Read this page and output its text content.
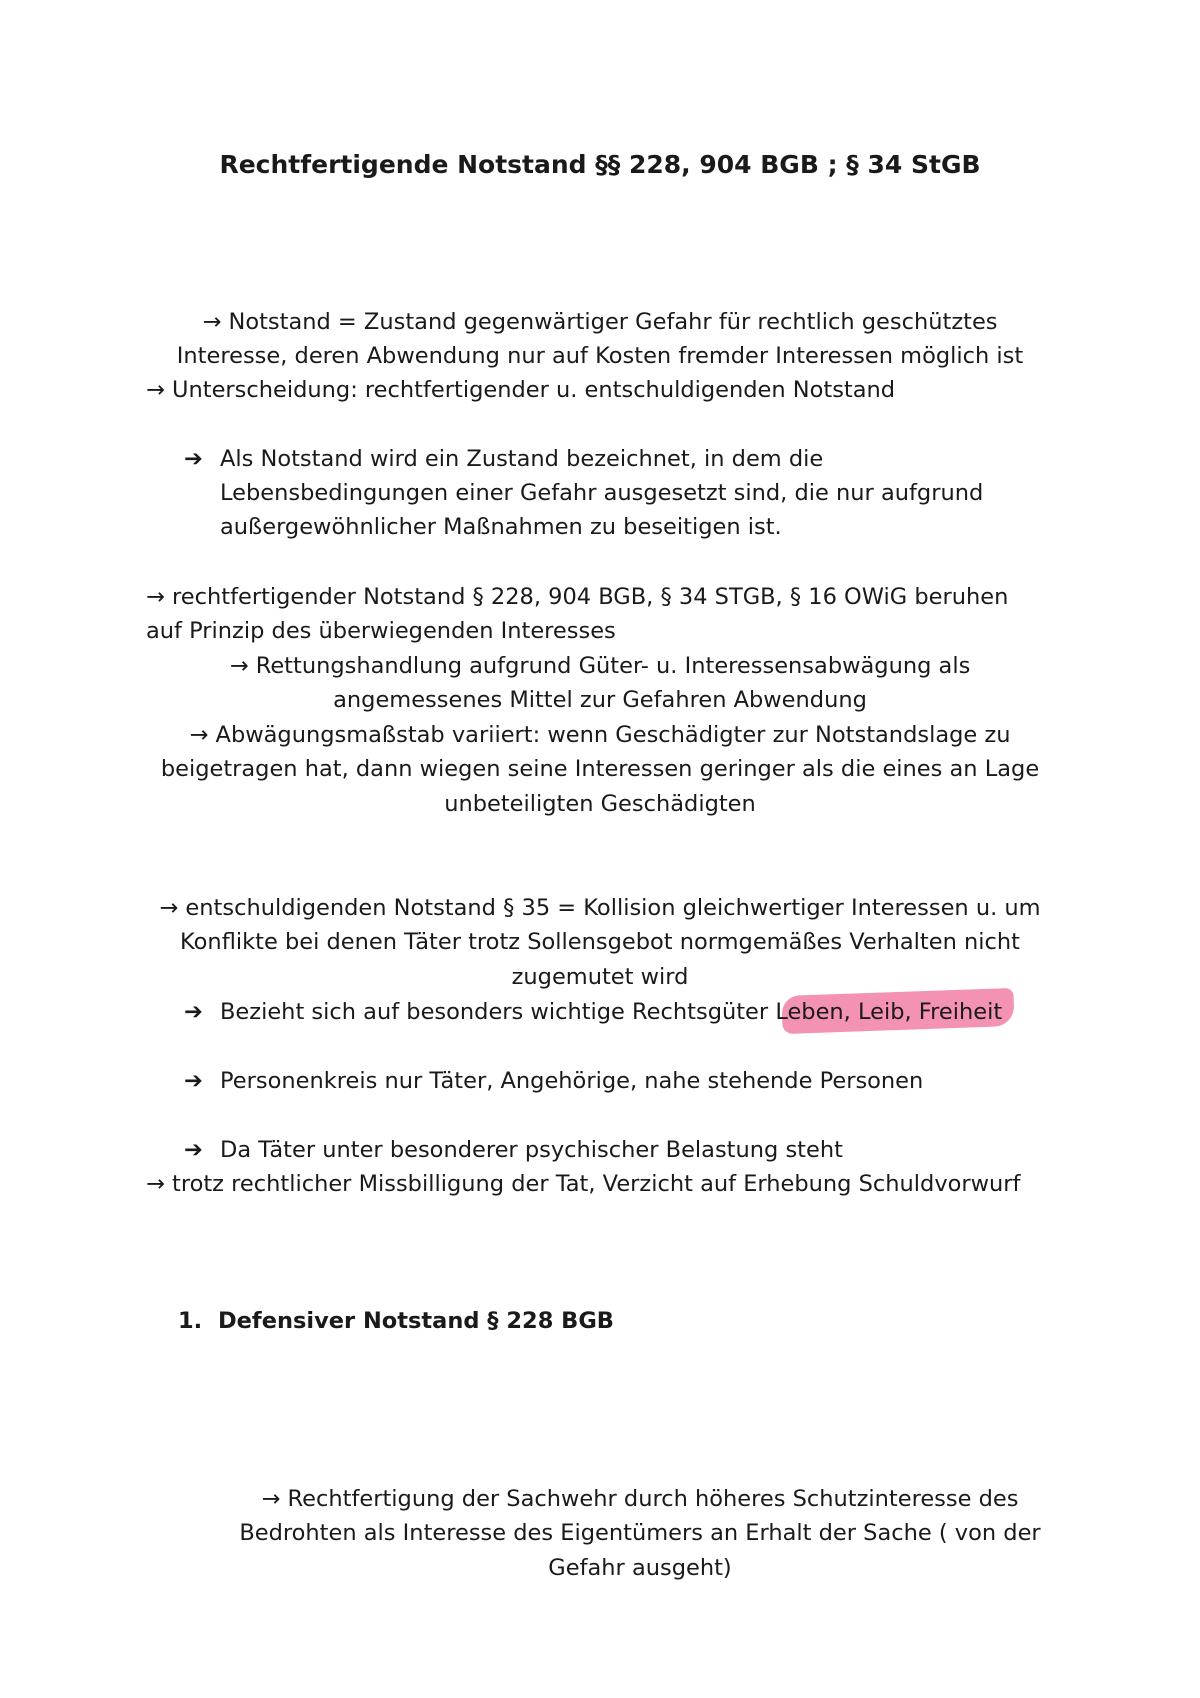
Rechtfertigende Notstand §§ 228, 904 BGB ; § 34 StGB
→ Notstand = Zustand gegenwärtiger Gefahr für rechtlich geschütztes
Interesse, deren Abwendung nur auf Kosten fremder Interessen möglich ist
→ Unterscheidung: rechtfertigender u. entschuldigenden Notstand
➔ Als Notstand wird ein Zustand bezeichnet, in dem die
Lebensbedingungen einer Gefahr ausgesetzt sind, die nur aufgrund
außergewöhnlicher Maßnahmen zu beseitigen ist.
→ rechtfertigender Notstand § 228, 904 BGB, § 34 STGB, § 16 OWiG beruhen
auf Prinzip des überwiegenden Interesses
→ Rettungshandlung aufgrund Güter- u. Interessensabwägung als
angemessenes Mittel zur Gefahren Abwendung
→ Abwägungsmaßstab variiert: wenn Geschädigter zur Notstandslage zu
beigetragen hat, dann wiegen seine Interessen geringer als die eines an Lage
unbeteiligten Geschädigten
→ entschuldigenden Notstand § 35 = Kollision gleichwertiger Interessen u. um
Konflikte bei denen Täter trotz Sollensgebot normgemäßes Verhalten nicht
zugemutet wird
➔ Bezieht sich auf besonders wichtige Rechtsgüter Leben, Leib, Freiheit
➔ Personenkreis nur Täter, Angehörige, nahe stehende Personen
➔ Da Täter unter besonderer psychischer Belastung steht
→ trotz rechtlicher Missbilligung der Tat, Verzicht auf Erhebung Schuldvorwurf
1. Defensiver Notstand § 228 BGB
→ Rechtfertigung der Sachwehr durch höheres Schutzinteresse des
Bedrohten als Interesse des Eigentümers an Erhalt der Sache ( von der
Gefahr ausgeht)
